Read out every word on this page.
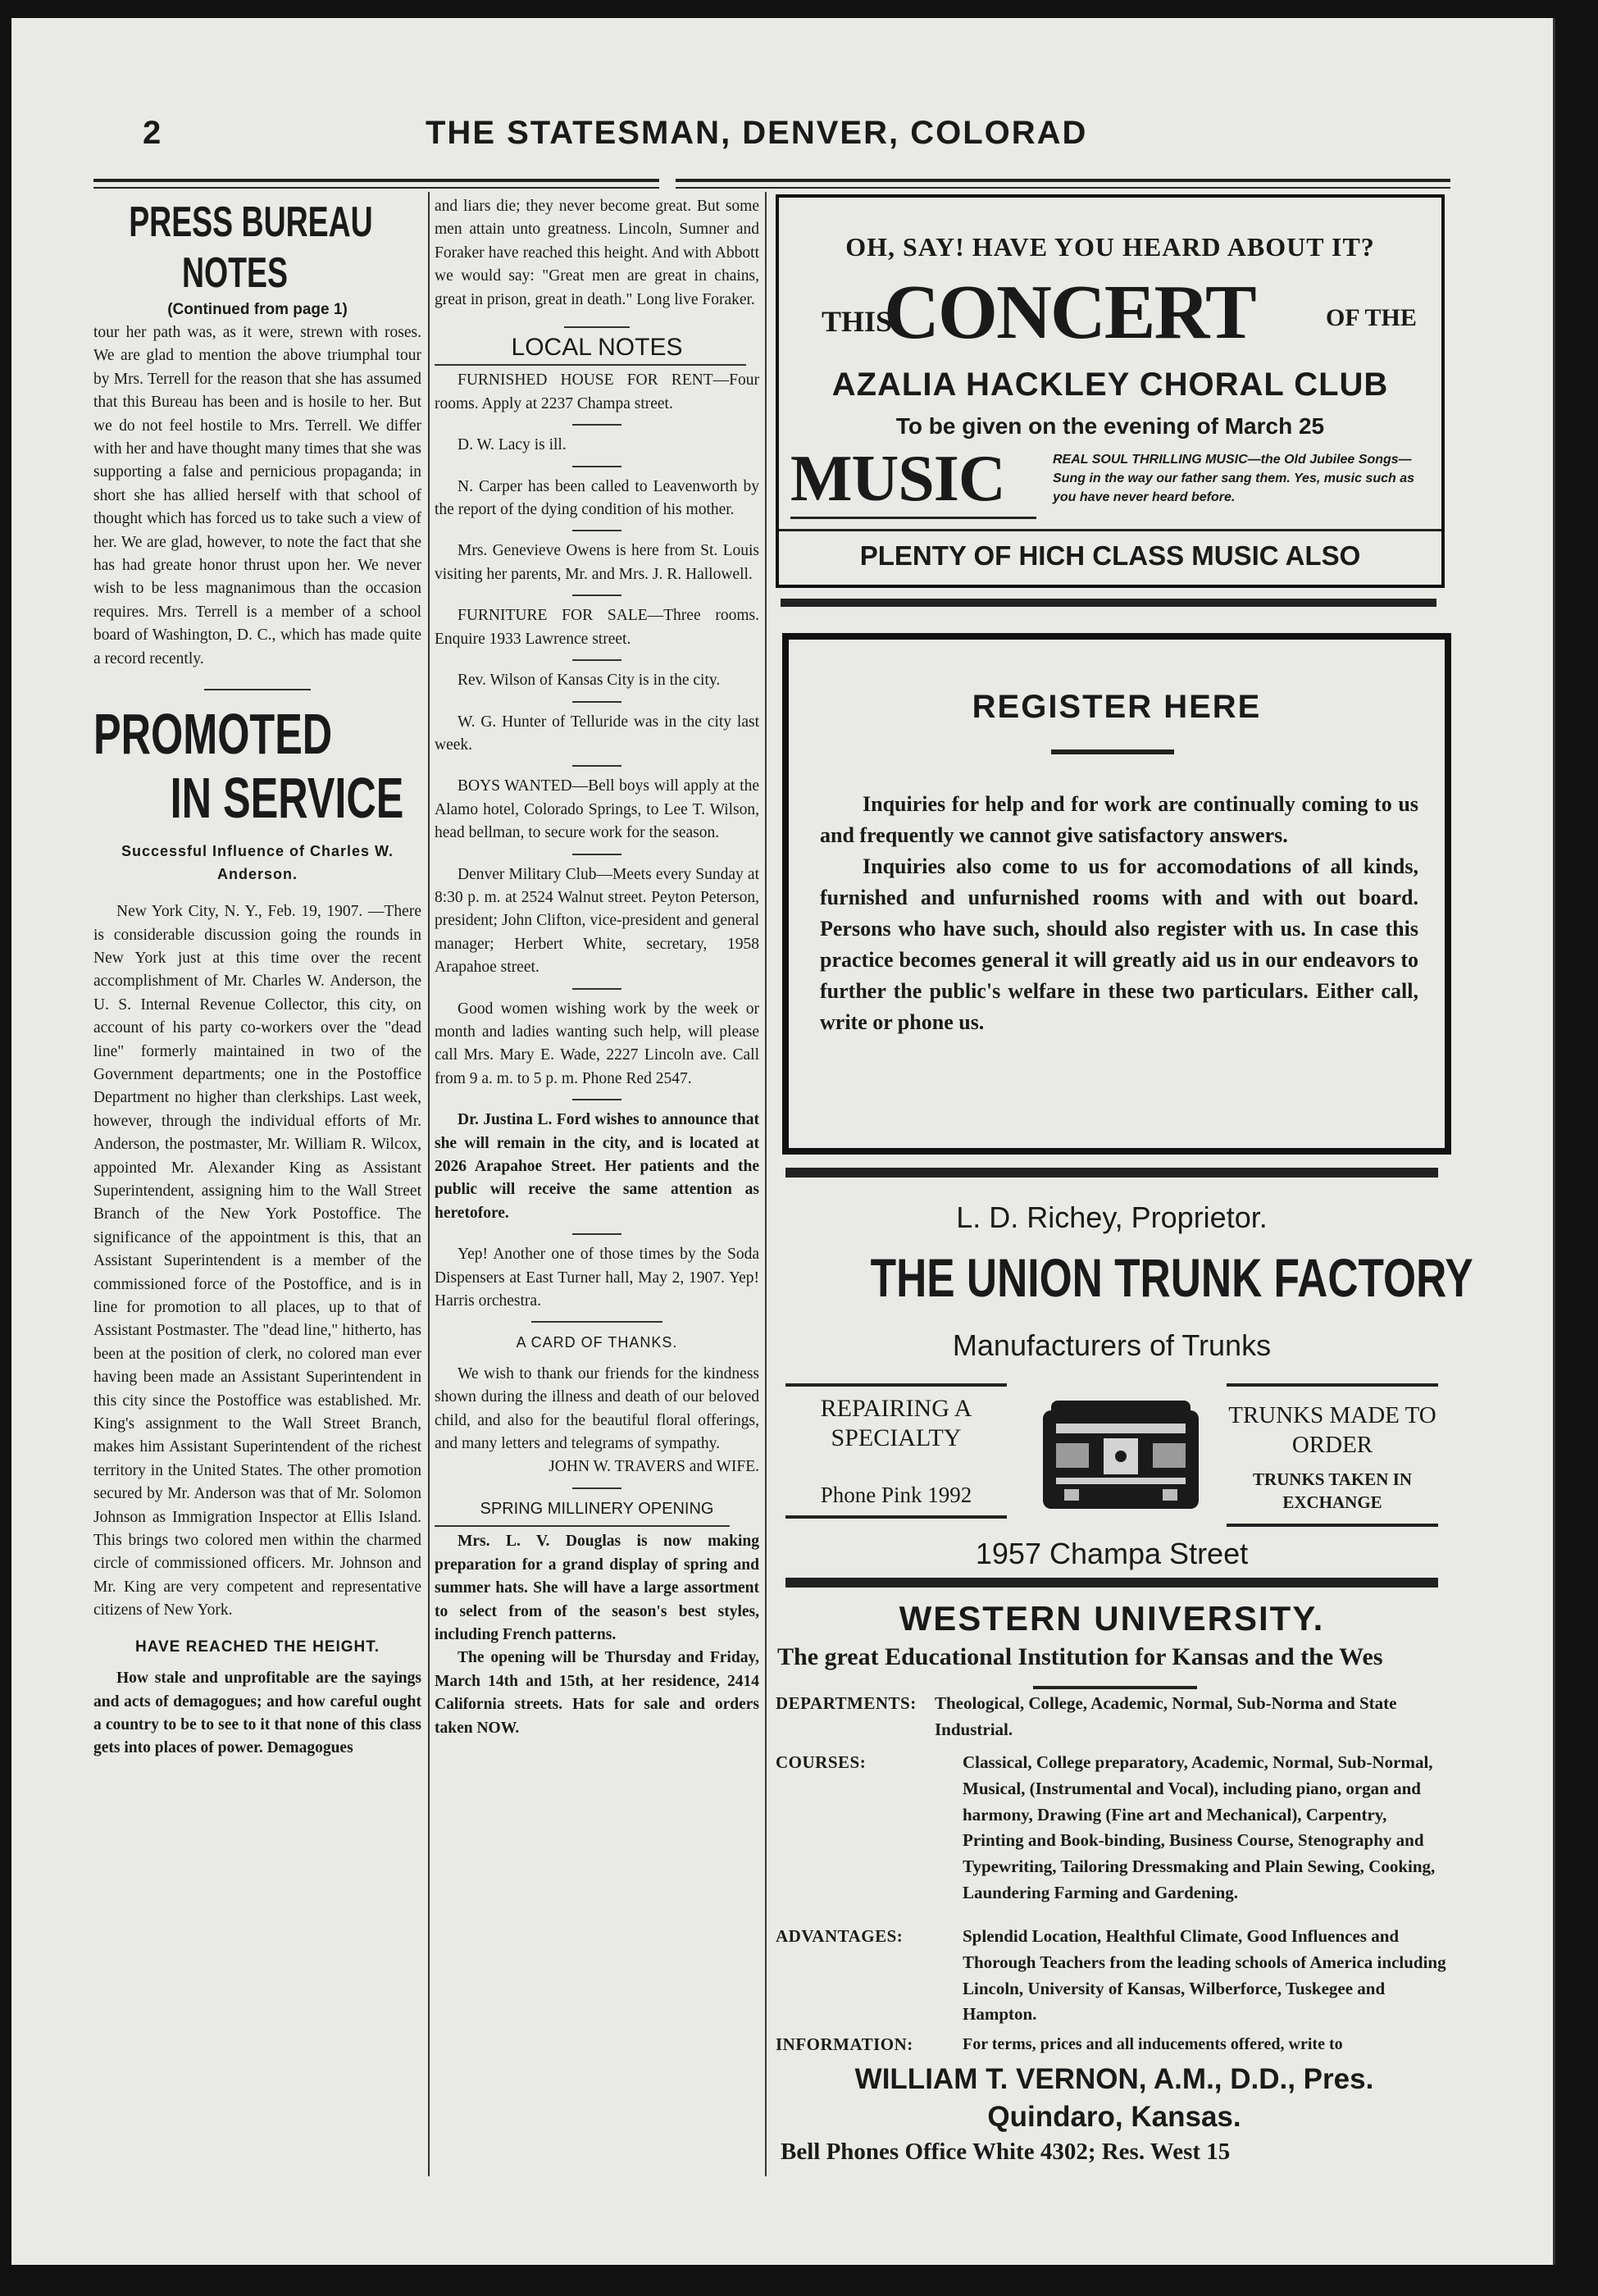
2	THE STATESMAN, DENVER, COLORAD
PRESS BUREAU
NOTES
(Continued from page 1)

tour her path was, as it were, strewn with roses. We are glad to mention the above triumphal tour by Mrs. Terrell for the reason that she has assumed that this Bureau has been and is hosile to her. But we do not feel hostile to Mrs. Terrell. We differ with her and have thought many times that she was supporting a false and pernicious propaganda; in short she has allied herself with that school of thought which has forced us to take such a view of her. We are glad, however, to note the fact that she has had greate honor thrust upon her. We never wish to be less magnanimous than the occasion requires. Mrs. Terrell is a member of a school board of Washington, D. C., which has made quite a record recently.

PROMOTED
IN SERVICE
Successful Influence of Charles W. Anderson.

New York City, N. Y., Feb. 19, 1907. —There is considerable discussion going the rounds in New York just at this time over the recent accomplishment of Mr. Charles W. Anderson, the U. S. Internal Revenue Collector, this city, on account of his party co-workers over the "dead line" formerly maintained in two of the Government departments; one in the Postoffice Department no higher than clerkships. Last week, however, through the individual efforts of Mr. Anderson, the postmaster, Mr. William R. Wilcox, appointed Mr. Alexander King as Assistant Superintendent, assigning him to the Wall Street Branch of the New York Postoffice. The significance of the appointment is this, that an Assistant Superintendent is a member of the commissioned force of the Postoffice, and is in line for promotion to all places, up to that of Assistant Postmaster. The "dead line," hitherto, has been at the position of clerk, no colored man ever having been made an Assistant Superintendent in this city since the Postoffice was established. Mr. King's assignment to the Wall Street Branch, makes him Assistant Superintendent of the richest territory in the United States. The other promotion secured by Mr. Anderson was that of Mr. Solomon Johnson as Immigration Inspector at Ellis Island. This brings two colored men within the charmed circle of commissioned officers. Mr. Johnson and Mr. King are very competent and representative citizens of New York.

HAVE REACHED THE HEIGHT.

How stale and unprofitable are the sayings and acts of demagogues; and how careful ought a country to be to see to it that none of this class gets into places of power. Demagogues

and liars die; they never become great. But some men attain unto greatness. Lincoln, Sumner and Foraker have reached this height. And with Abbott we would say: "Great men are great in chains, great in prison, great in death." Long live Foraker.

LOCAL NOTES

FURNISHED HOUSE FOR RENT—Four rooms. Apply at 2237 Champa street.

D. W. Lacy is ill.

N. Carper has been called to Leavenworth by the report of the dying condition of his mother.

Mrs. Genevieve Owens is here from St. Louis visiting her parents, Mr. and Mrs. J. R. Hallowell.

FURNITURE FOR SALE—Three rooms. Enquire 1933 Lawrence street.

Rev. Wilson of Kansas City is in the city.

W. G. Hunter of Telluride was in the city last week.

BOYS WANTED—Bell boys will apply at the Alamo hotel, Colorado Springs, to Lee T. Wilson, head bellman, to secure work for the season.

Denver Military Club—Meets every Sunday at 8:30 p. m. at 2524 Walnut street. Peyton Peterson, president; John Clifton, vice-president and general manager; Herbert White, secretary, 1958 Arapahoe street.

Good women wishing work by the week or month and ladies wanting such help, will please call Mrs. Mary E. Wade, 2227 Lincoln ave. Call from 9 a. m. to 5 p. m. Phone Red 2547.

Dr. Justina L. Ford wishes to announce that she will remain in the city, and is located at 2026 Arapahoe Street. Her patients and the public will receive the same attention as heretofore.

Yep! Another one of those times by the Soda Dispensers at East Turner hall, May 2, 1907. Yep! Harris orchestra.

A CARD OF THANKS.

We wish to thank our friends for the kindness shown during the illness and death of our beloved child, and also for the beautiful floral offerings, and many letters and telegrams of sympathy.

JOHN W. TRAVERS and WIFE.
SPRING MILLINERY OPENING

Mrs. L. V. Douglas is now making preparation for a grand display of spring and summer hats. She will have a large assortment to select from of the season's best styles, including French patterns.

The opening will be Thursday and Friday, March 14th and 15th, at her residence, 2414 California streets. Hats for sale and orders taken NOW.

OH, SAY! HAVE YOU HEARD ABOUT IT?
THIS
CONCERT	OF THE
AZALIA HACKLEY CHORAL CLUB
To be given on the evening of March 25
MUSIC	REAL SOUL THRILLING MUSIC—the Old Jubilee Songs—Sung in the way our father sang them. Yes, music such as you have never heard before.
PLENTY OF HICH CLASS MUSIC ALSO
REGISTER HERE

Inquiries for help and for work are continually coming to us and frequently we cannot give satisfactory answers.

Inquiries also come to us for accomodations of all kinds, furnished and unfurnished rooms with and with out board. Persons who have such, should also register with us. In case this practice becomes general it will greatly aid us in our endeavors to further the public's welfare in these two particulars. Either call, write or phone us.

L. D. Richey, Proprietor.
THE UNION TRUNK FACTORY
Manufacturers of Trunks
REPAIRING A SPECIALTY
Phone Pink 1992
TRUNKS MADE TO ORDER
TRUNKS TAKEN IN EXCHANGE
1957 Champa Street
WESTERN UNIVERSITY.
The great Educational Institution for Kansas and the Wes
DEPARTMENTS: Theological, College, Academic, Normal, Sub-Norma and State Industrial.
COURSES:	Classical, College preparatory, Academic, Normal, Sub-Normal, Musical, (Instrumental and Vocal), including piano, organ and harmony, Drawing (Fine art and Mechanical), Carpentry, Printing and Book-binding, Business Course, Stenography and Typewriting, Tailoring Dressmaking and Plain Sewing, Cooking, Laundering Farming and Gardening.
ADVANTAGES:	Splendid Location, Healthful Climate, Good Influences and Thorough Teachers from the leading schools of America including Lincoln, University of Kansas, Wilberforce, Tuskegee and Hampton.
INFORMATION:	For terms, prices and all inducements offered, write to
WILLIAM T. VERNON, A.M., D.D., Pres.
Quindaro, Kansas.
Bell Phones Office White 4302; Res. West 15
